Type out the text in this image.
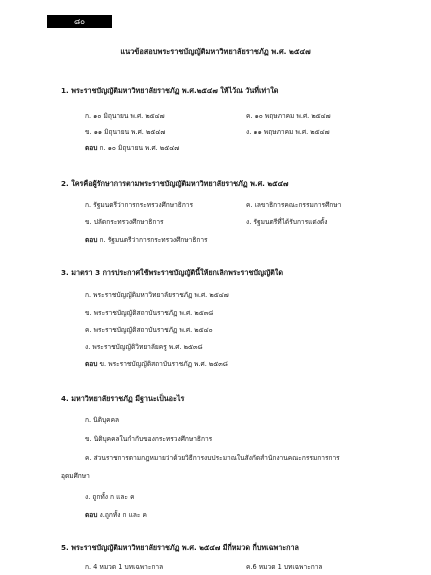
๘๐
แนวข้อสอบพระราชบัญญัติมหาวิทยาลัยราชภัฏ พ.ศ. ๒๕๔๗
1. พระราชบัญญัติมหาวิทยาลัยราชภัฏ พ.ศ.๒๕๔๗ ให้ไว้ณ วันที่เท่าใด
ก. ๑๐ มิถุนายน พ.ศ. ๒๕๔๗	ค. ๑๐ พฤษภาคม พ.ศ. ๒๕๔๗
ข. ๑๑ มิถุนายน พ.ศ. ๒๕๔๗	ง. ๑๑ พฤษภาคม พ.ศ. ๒๕๔๗
ตอบ ก. ๑๐ มิถุนายน พ.ศ. ๒๕๔๗
2. ใครคือผู้รักษาการตามพระราชบัญญัติมหาวิทยาลัยราชภัฏ พ.ศ. ๒๕๔๗
ก. รัฐมนตรีว่าการกระทรวงศึกษาธิการ	ค. เลขาธิการคณะกรรมการศึกษา
ข. ปลัดกระทรวงศึกษาธิการ	ง. รัฐมนตรีที่ได้รับการแต่งตั้ง
ตอบ ก. รัฐมนตรีว่าการกระทรวงศึกษาธิการ
3. มาตรา 3 การประกาศใช้พระราชบัญญัตินี้ให้ยกเลิกพระราชบัญญัติใด
ก. พระราชบัญญัติมหาวิทยาลัยราชภัฏ พ.ศ. ๒๕๔๗
ข. พระราชบัญญัติสถาบันราชภัฏ พ.ศ. ๒๕๓๘
ค. พระราชบัญญัติสถาบันราชภัฏ พ.ศ. ๒๕๔๐
ง. พระราชบัญญัติวิทยาลัยครู พ.ศ. ๒๕๓๘
ตอบ ข. พระราชบัญญัติสถาบันราชภัฏ พ.ศ. ๒๕๓๘
4. มหาวิทยาลัยราชภัฏ มีฐานะเป็นอะไร
ก. นิติบุคคล
ข. นิติบุคคลในกำกับของกระทรวงศึกษาธิการ
ค. ส่วนราชการตามกฎหมายว่าด้วยวิธีการงบประมาณในสังกัดสำนักงานคณะกรรมการการ
อุดมศึกษา
ง. ถูกทั้ง ก และ ค
ตอบ ง.ถูกทั้ง ก และ ค
5. พระราชบัญญัติมหาวิทยาลัยราชภัฏ พ.ศ. ๒๕๔๗ มีกี่หมวด กี่บทเฉพาะกาล
ก. 4 หมวด 1 บทเฉพาะกาล	ค.6 หมวด 1 บทเฉพาะกาล
